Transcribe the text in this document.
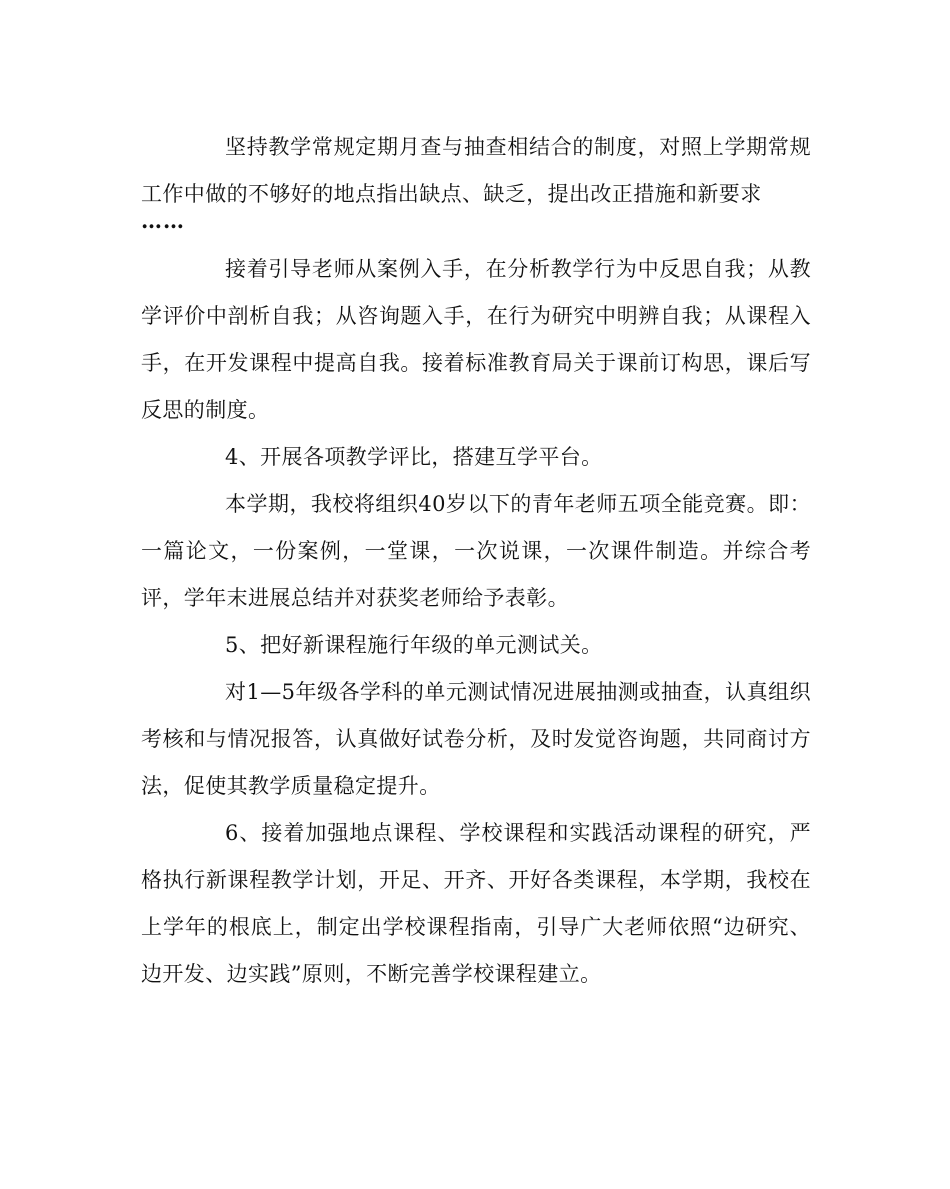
坚持教学常规定期月查与抽查相结合的制度，对照上学期常规工作中做的不够好的地点指出缺点、缺乏，提出改正措施和新要求
……

接着引导老师从案例入手，在分析教学行为中反思自我；从教学评价中剖析自我；从咨询题入手，在行为研究中明辨自我；从课程入手，在开发课程中提高自我。接着标准教育局关于课前订构思，课后写反思的制度。

4、开展各项教学评比，搭建互学平台。

本学期，我校将组织40岁以下的青年老师五项全能竞赛。即：一篇论文，一份案例，一堂课，一次说课，一次课件制造。并综合考评，学年末进展总结并对获奖老师给予表彰。

5、把好新课程施行年级的单元测试关。

对1—5年级各学科的单元测试情况进展抽测或抽查，认真组织考核和与情况报答，认真做好试卷分析，及时发觉咨询题，共同商讨方法，促使其教学质量稳定提升。

6、接着加强地点课程、学校课程和实践活动课程的研究，严格执行新课程教学计划，开足、开齐、开好各类课程，本学期，我校在上学年的根底上，制定出学校课程指南，引导广大老师依照“边研究、边开发、边实践”原则，不断完善学校课程建立。
